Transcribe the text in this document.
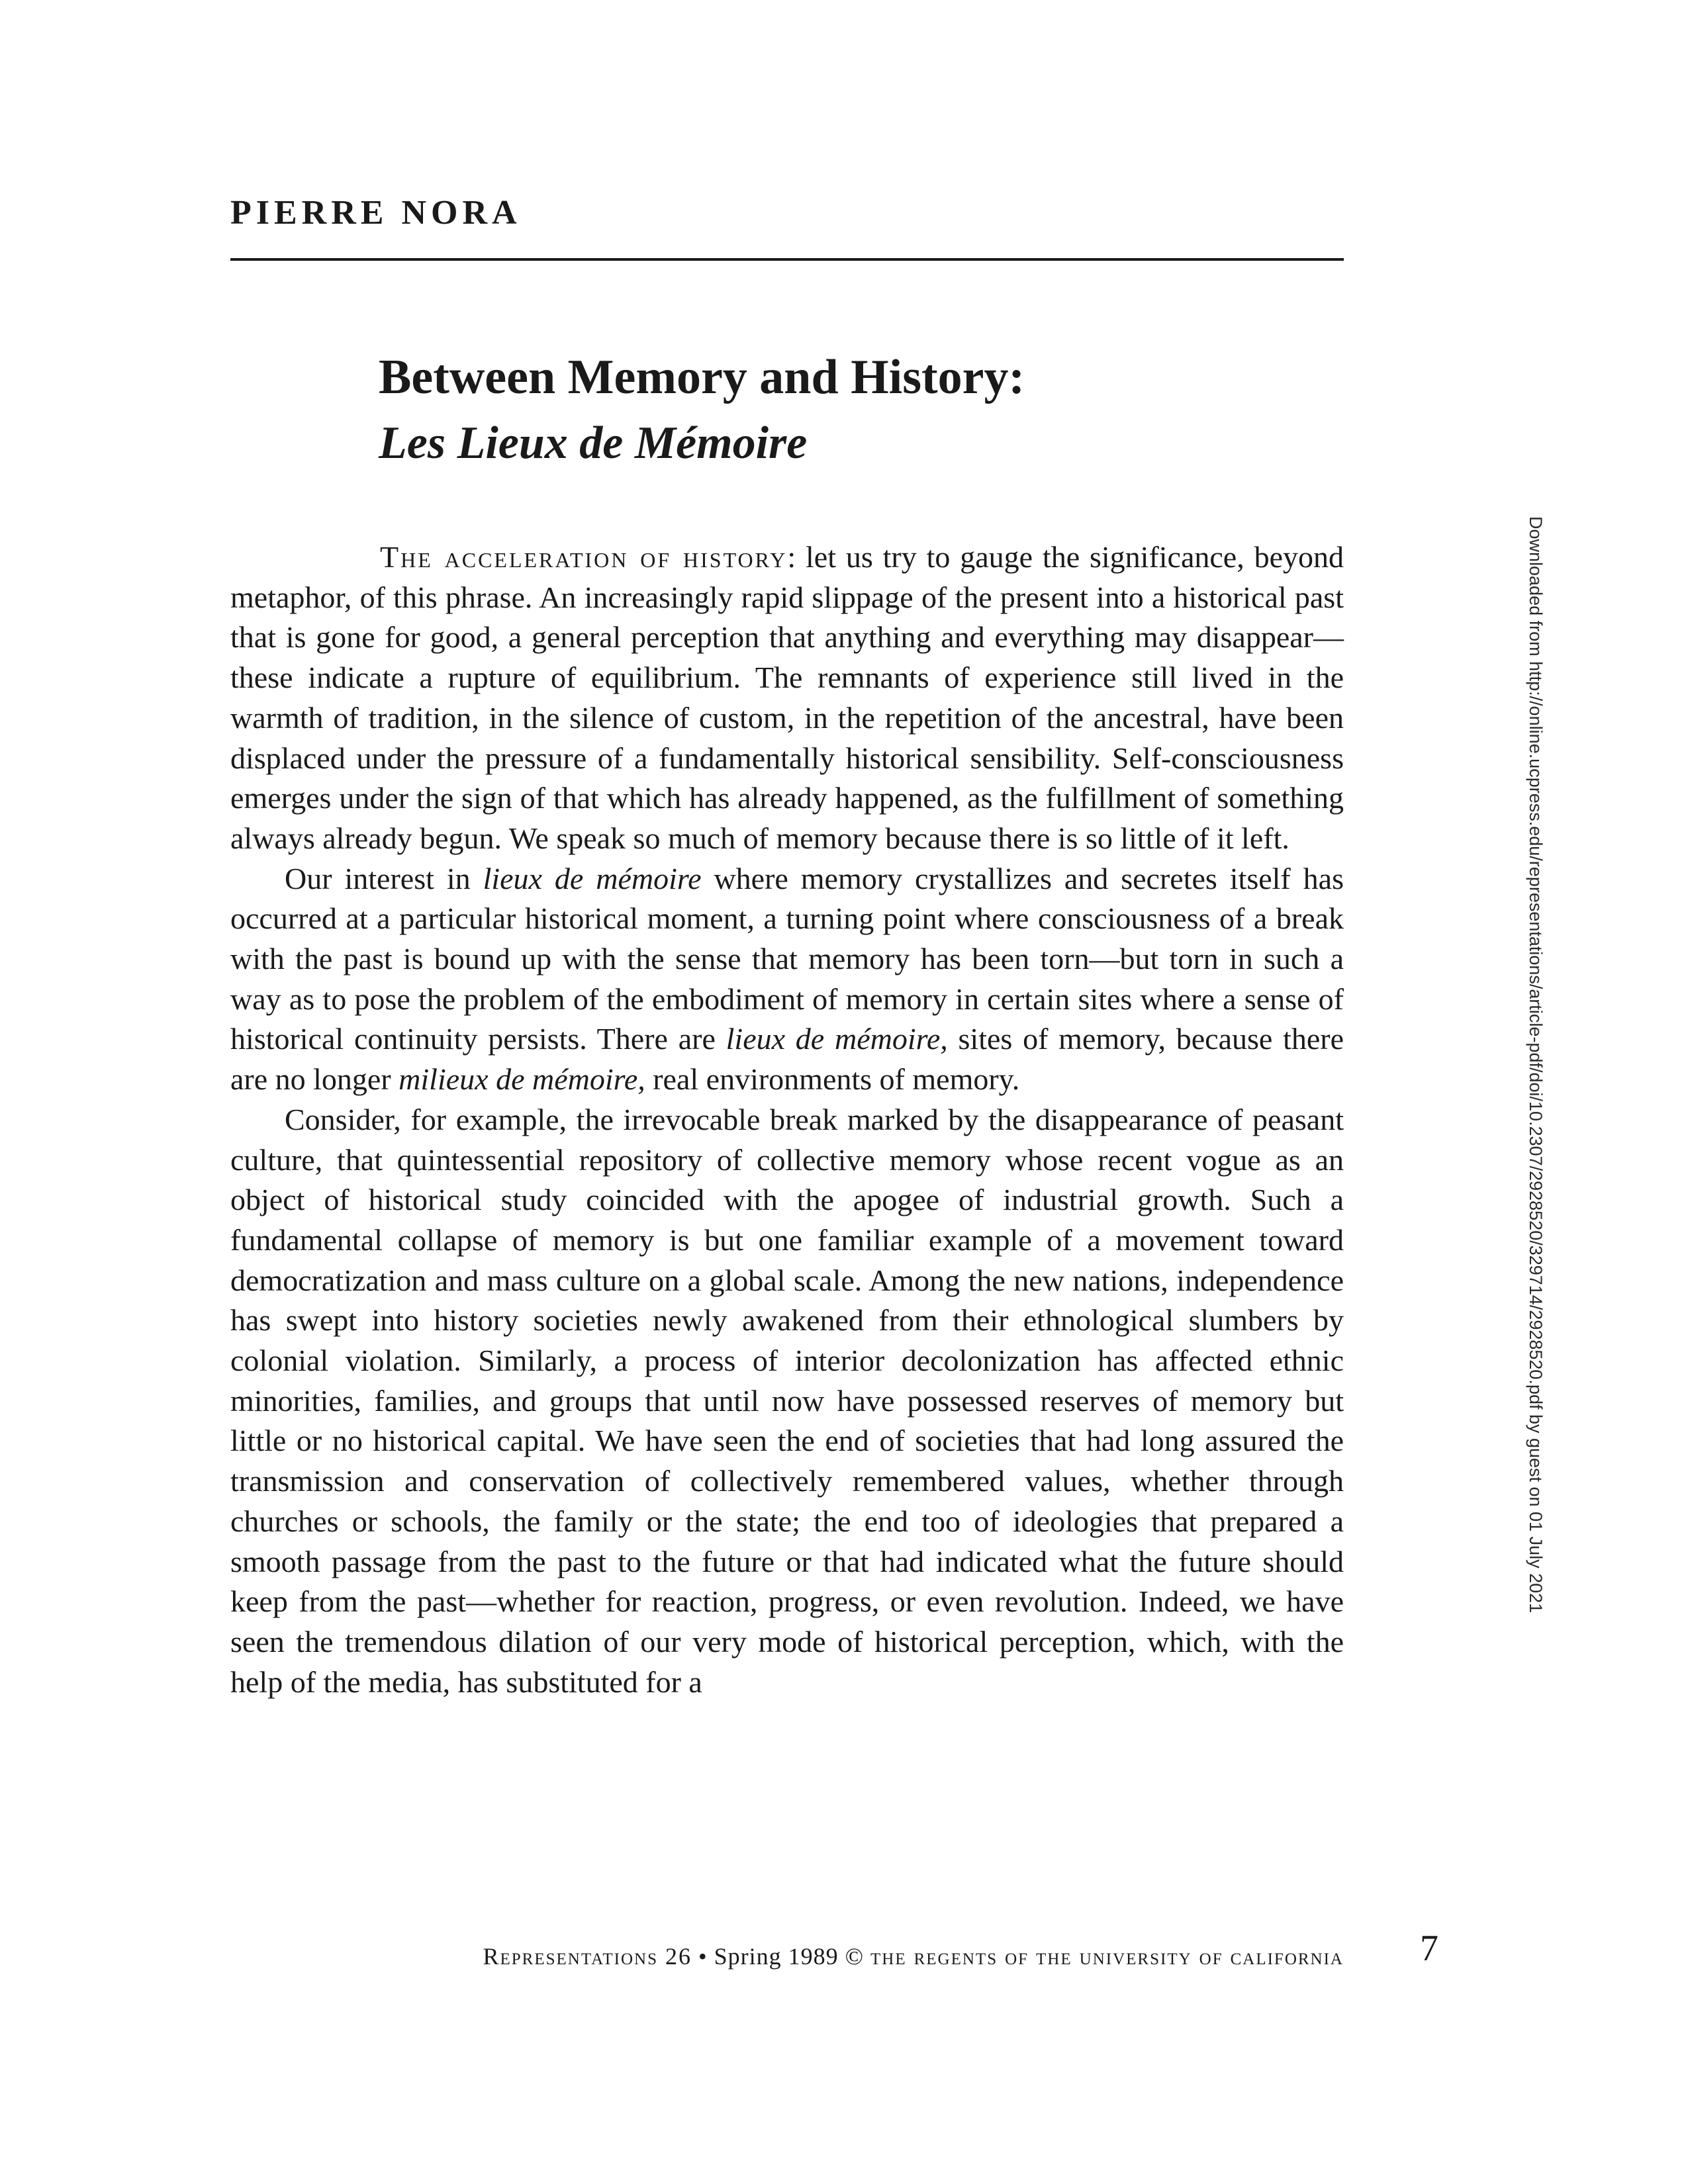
PIERRE NORA
Between Memory and History:
Les Lieux de Mémoire

The acceleration of history: let us try to gauge the significance, beyond metaphor, of this phrase. An increasingly rapid slippage of the present into a historical past that is gone for good, a general perception that anything and everything may disappear—these indicate a rupture of equilibrium. The remnants of experience still lived in the warmth of tradition, in the silence of custom, in the repetition of the ancestral, have been displaced under the pressure of a fundamentally historical sensibility. Self-consciousness emerges under the sign of that which has already happened, as the fulfillment of something always already begun. We speak so much of memory because there is so little of it left.

Our interest in lieux de mémoire where memory crystallizes and secretes itself has occurred at a particular historical moment, a turning point where consciousness of a break with the past is bound up with the sense that memory has been torn—but torn in such a way as to pose the problem of the embodiment of memory in certain sites where a sense of historical continuity persists. There are lieux de mémoire, sites of memory, because there are no longer milieux de mémoire, real environments of memory.

Consider, for example, the irrevocable break marked by the disappearance of peasant culture, that quintessential repository of collective memory whose recent vogue as an object of historical study coincided with the apogee of industrial growth. Such a fundamental collapse of memory is but one familiar example of a movement toward democratization and mass culture on a global scale. Among the new nations, independence has swept into history societies newly awakened from their ethnological slumbers by colonial violation. Similarly, a process of interior decolonization has affected ethnic minorities, families, and groups that until now have possessed reserves of memory but little or no historical capital. We have seen the end of societies that had long assured the transmission and conservation of collectively remembered values, whether through churches or schools, the family or the state; the end too of ideologies that prepared a smooth passage from the past to the future or that had indicated what the future should keep from the past—whether for reaction, progress, or even revolution. Indeed, we have seen the tremendous dilation of our very mode of historical perception, which, with the help of the media, has substituted for a

Downloaded from http://online.ucpress.edu/representations/article-pdf/doi/10.2307/2928520/329714/2928520.pdf by guest on 01 July 2021
Representations 26 • Spring 1989 © the regents of the university of california 7
